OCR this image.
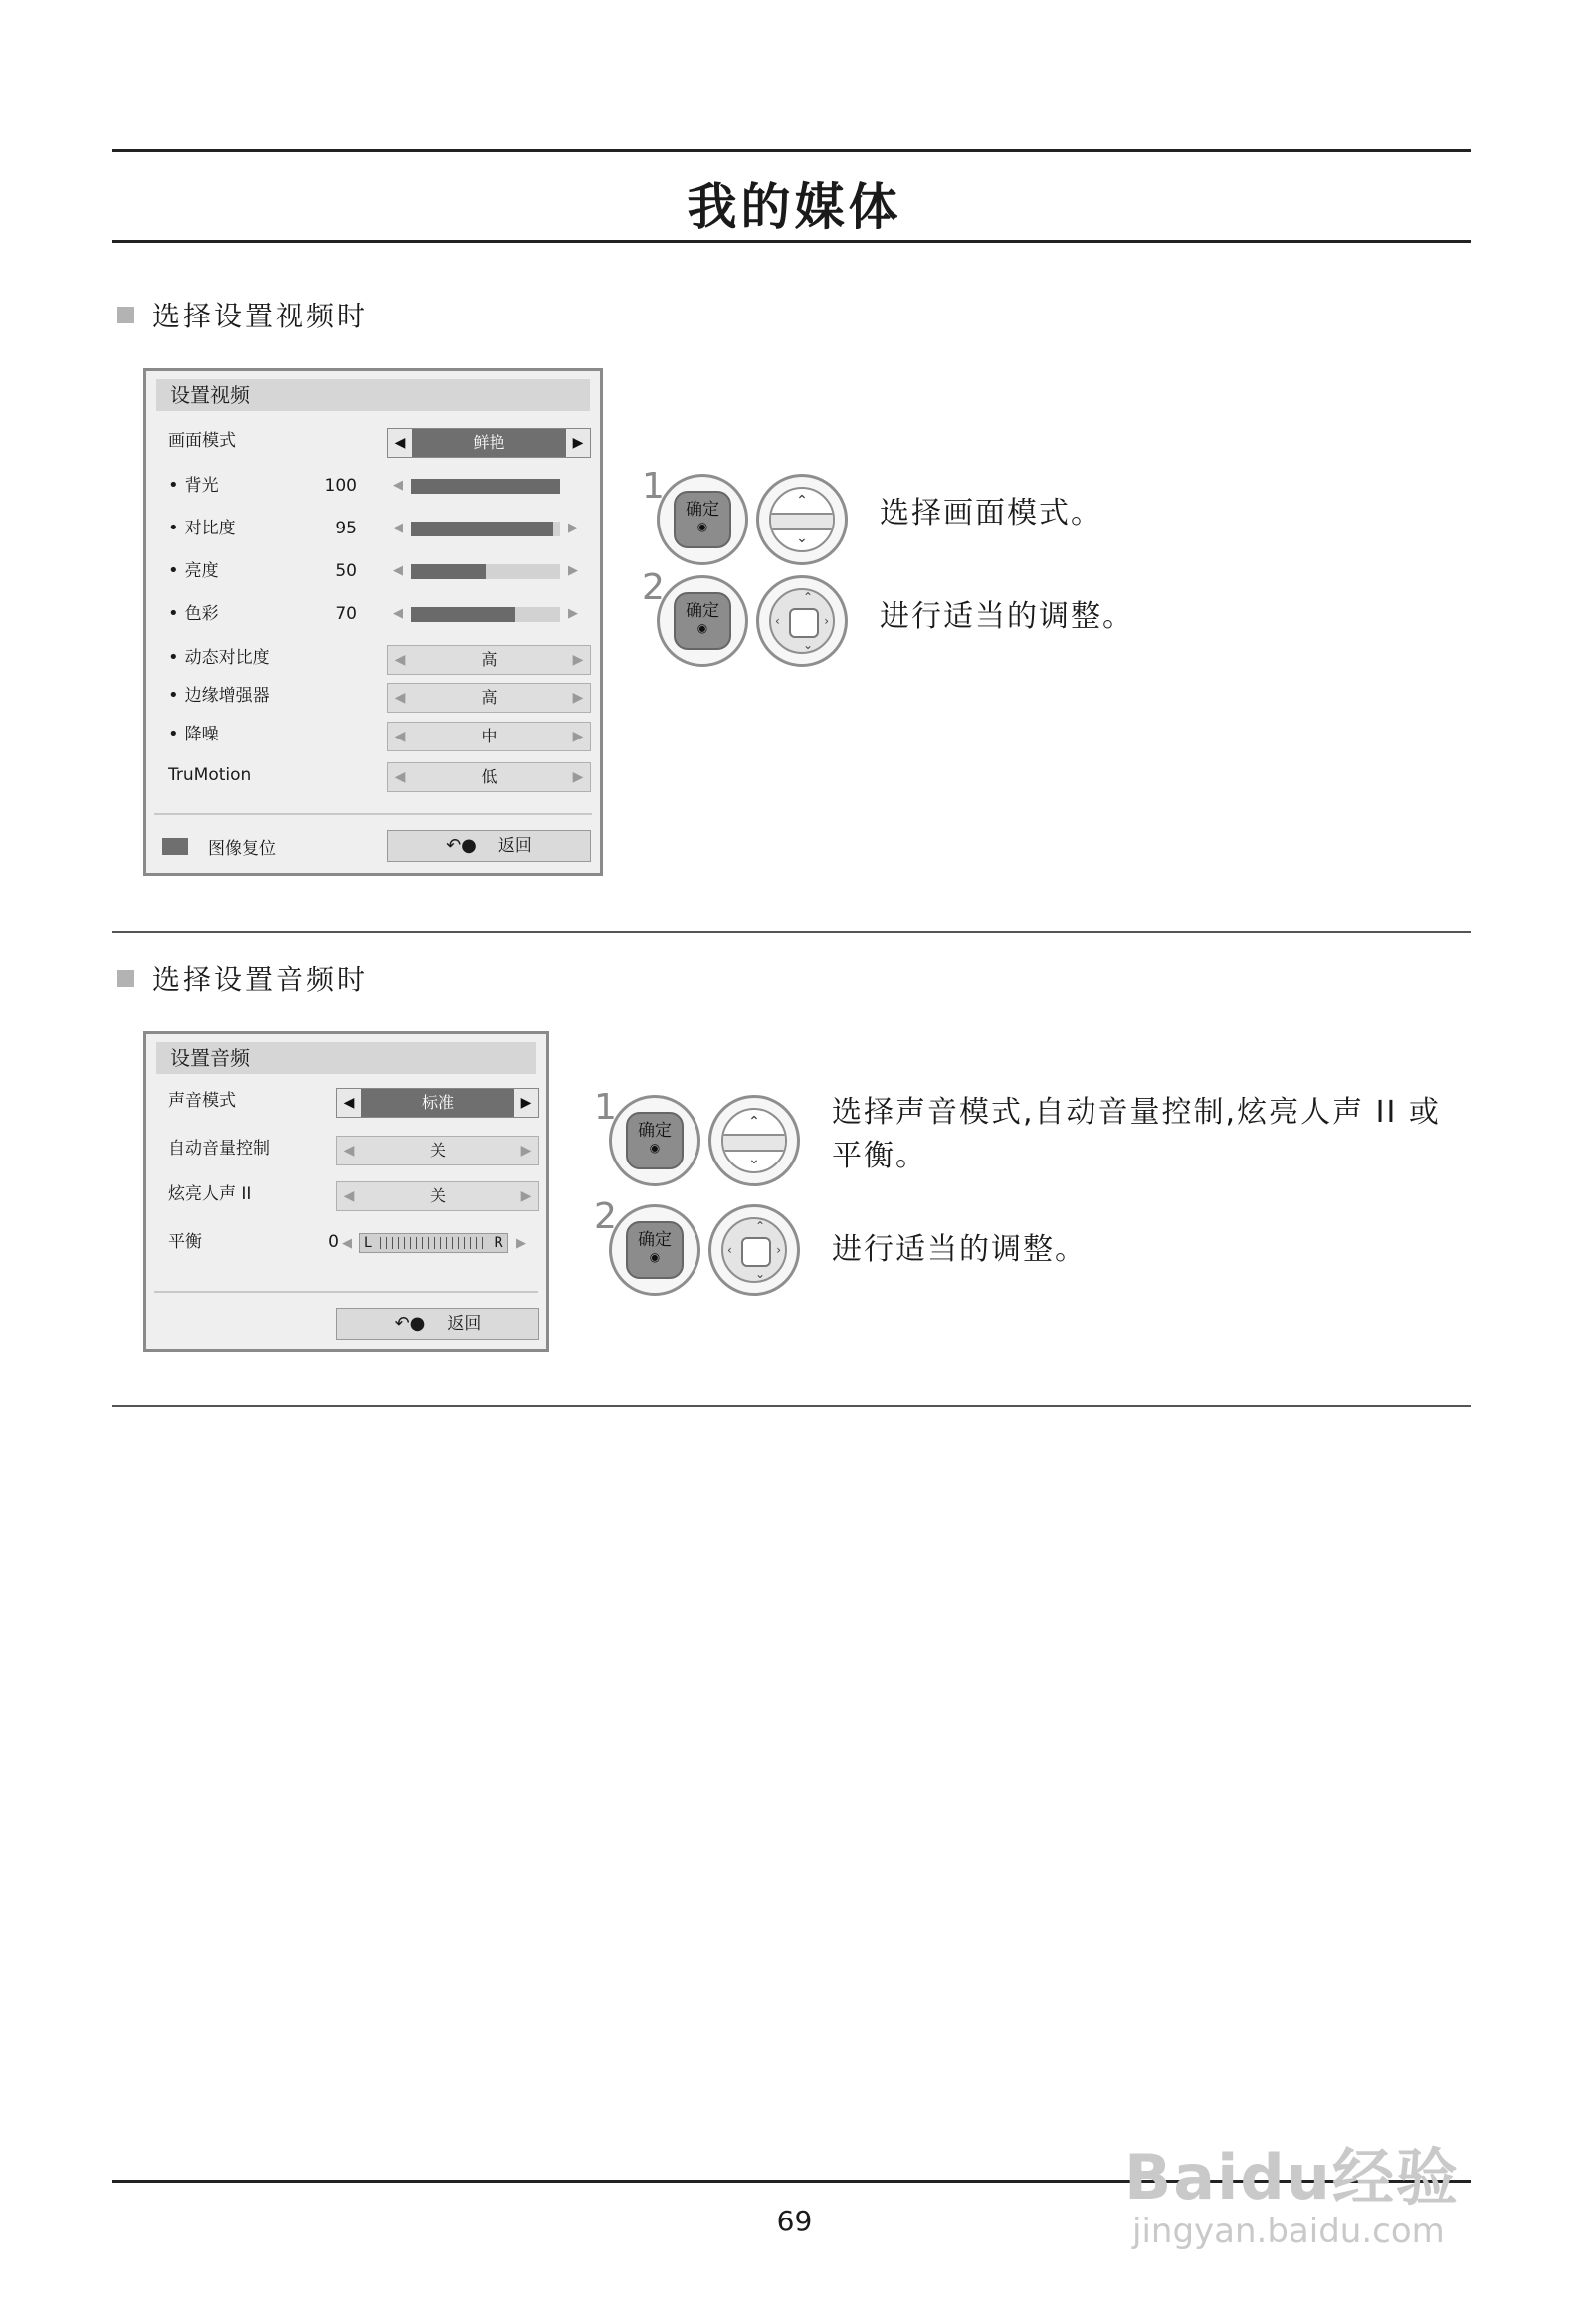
我的媒体
选择设置视频时
设置视频
画面模式	◀	鲜艳	▶
• 背光	100	◀
• 对比度	95	◀	▶
• 亮度	50	◀	▶
• 色彩	70	◀	▶
• 动态对比度	◀	高	▶
• 边缘增强器	◀	高	▶
• 降噪	◀	中	▶
TruMotion	◀	低	▶
图像复位	↶● 返回
1
确定
◉
⌃
⌄
选择画面模式。
2
确定
◉
⌃
⌄
‹	› 进行适当的调整。
选择设置音频时
设置音频
声音模式	◀	标准	▶
自动音量控制	◀	关	▶
炫亮人声 II	◀	关	▶
平衡	0 ◀ L	R ▶
↶● 返回
1
确定
◉
⌃
⌄
选择声音模式,自动音量控制,炫亮人声 II 或平衡。
2
确定
◉
⌃
⌄
‹	› 进行适当的调整。
69
Baidu经验
jingyan.baidu.com
